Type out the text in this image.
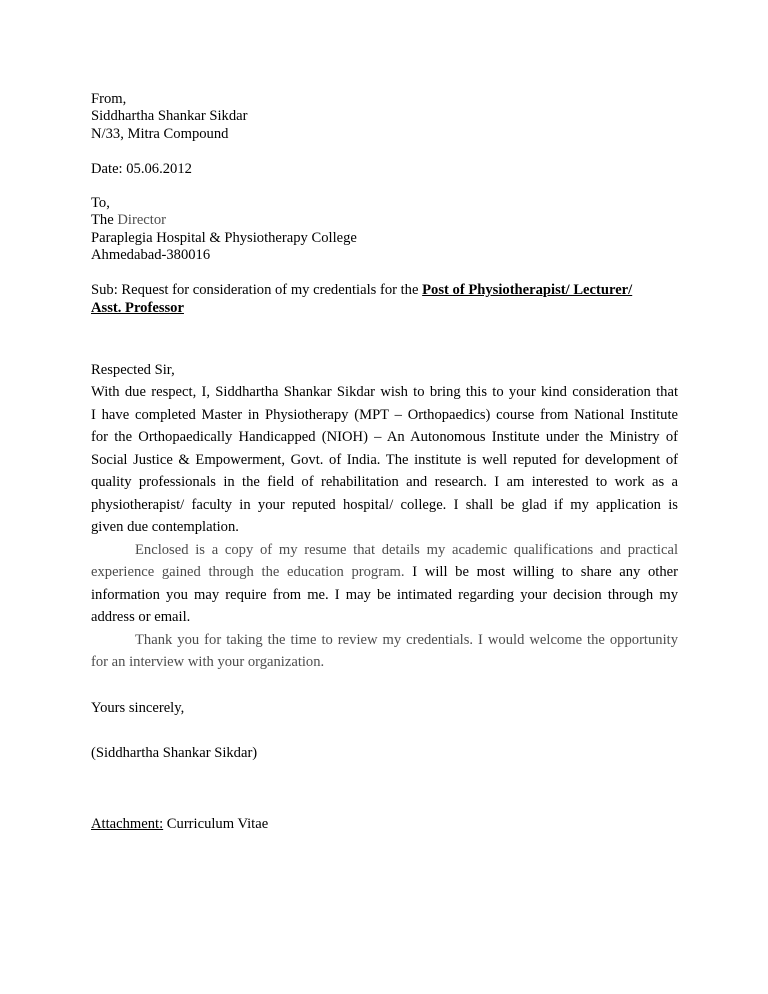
From,
Siddhartha Shankar Sikdar
N/33, Mitra Compound
Date: 05.06.2012
To,
The Director
Paraplegia Hospital & Physiotherapy College
Ahmedabad-380016
Sub: Request for consideration of my credentials for the Post of Physiotherapist/ Lecturer/
Asst. Professor
Respected Sir,
With due respect, I, Siddhartha Shankar Sikdar wish to bring this to your kind consideration that
I have completed Master in Physiotherapy (MPT – Orthopaedics) course from National Institute
for the Orthopaedically Handicapped (NIOH) – An Autonomous Institute under the Ministry of
Social Justice & Empowerment, Govt. of India. The institute is well reputed for development of
quality professionals in the field of rehabilitation and research. I am interested to work as a
physiotherapist/ faculty in your reputed hospital/ college. I shall be glad if my application is
given due contemplation.
Enclosed is a copy of my resume that details my academic qualifications and practical
experience gained through the education program. I will be most willing to share any other
information you may require from me. I may be intimated regarding your decision through my
address or email.
Thank you for taking the time to review my credentials. I would welcome the opportunity
for an interview with your organization.
Yours sincerely,
(Siddhartha Shankar Sikdar)
Attachment: Curriculum Vitae
